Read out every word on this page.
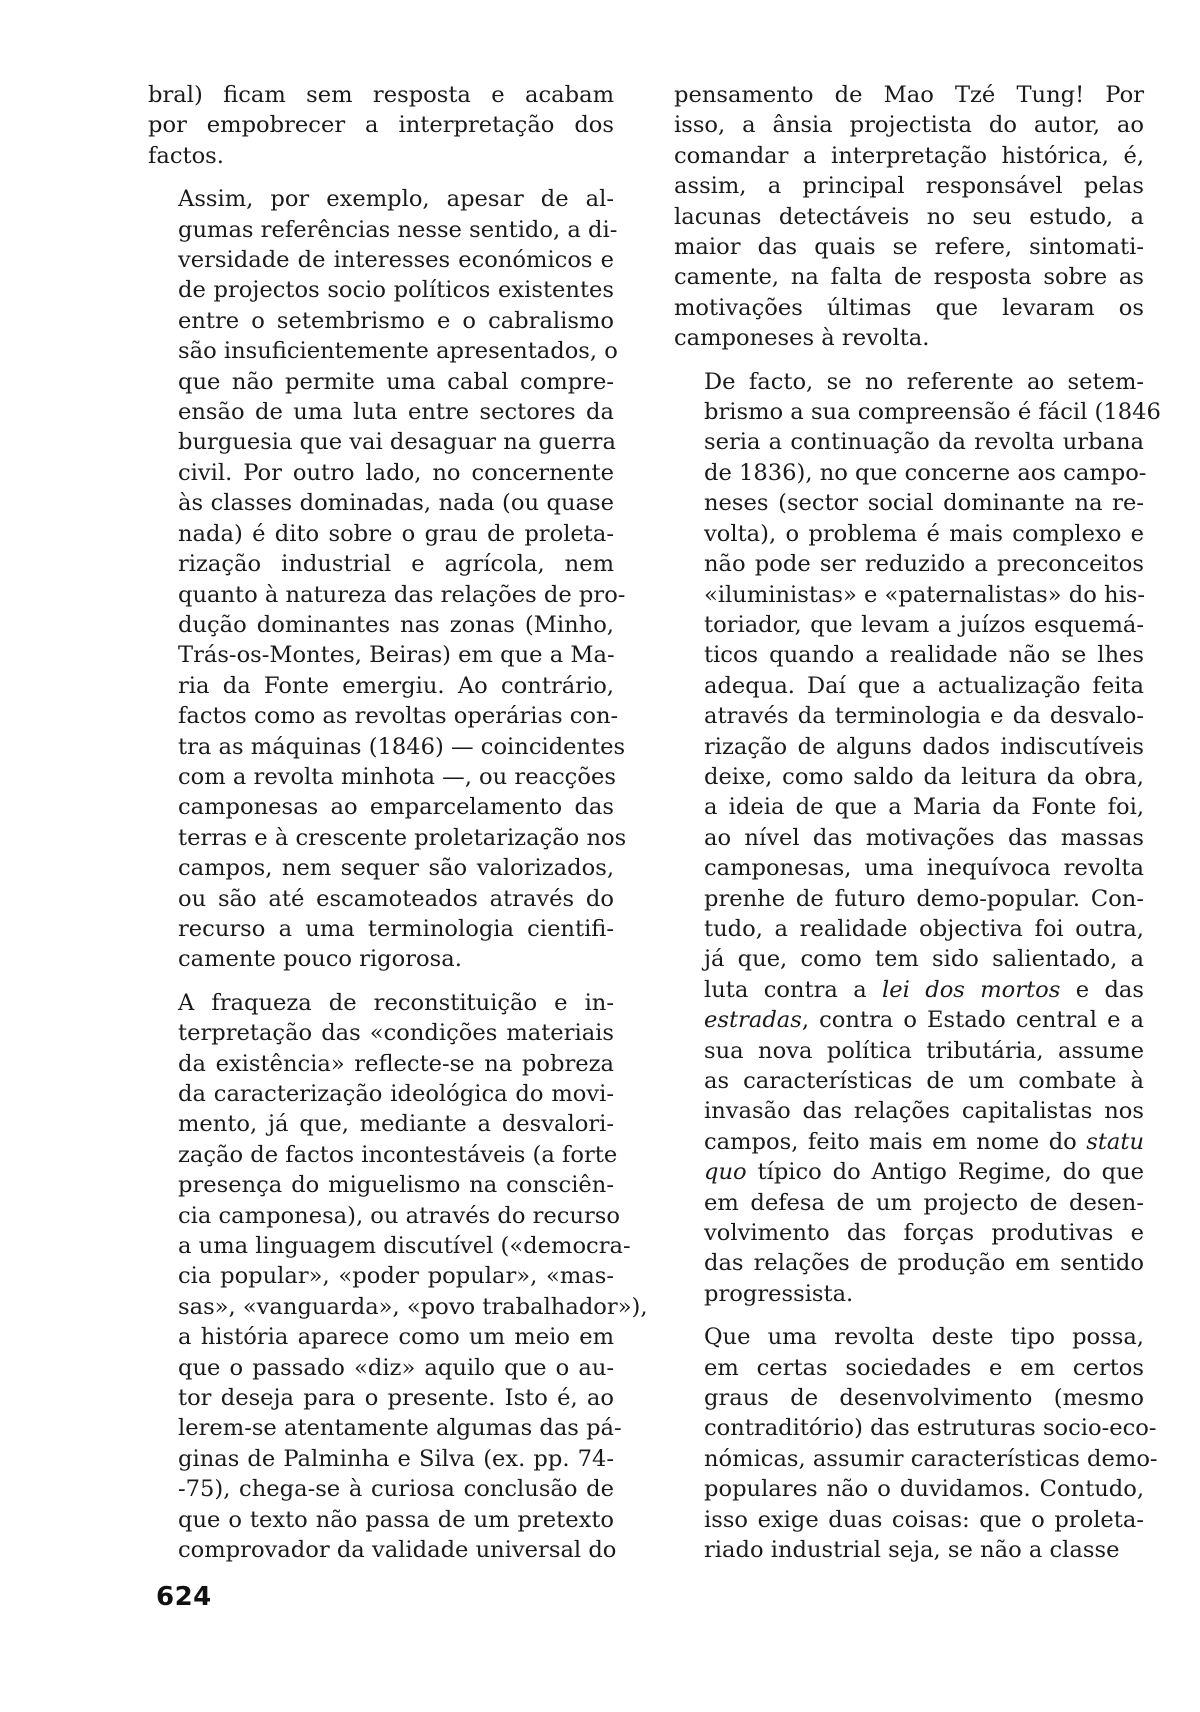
bral) ficam sem resposta e acabam
por empobrecer a interpretação dos
factos.
Assim, por exemplo, apesar de al-
gumas referências nesse sentido, a di-
versidade de interesses económicos e
de projectos socio políticos existentes
entre o setembrismo e o cabralismo
são insuficientemente apresentados, o
que não permite uma cabal compre-
ensão de uma luta entre sectores da
burguesia que vai desaguar na guerra
civil. Por outro lado, no concernente
às classes dominadas, nada (ou quase
nada) é dito sobre o grau de proleta-
rização industrial e agrícola, nem
quanto à natureza das relações de pro-
dução dominantes nas zonas (Minho,
Trás-os-Montes, Beiras) em que a Ma-
ria da Fonte emergiu. Ao contrário,
factos como as revoltas operárias con-
tra as máquinas (1846) — coincidentes
com a revolta minhota —, ou reacções
camponesas ao emparcelamento das
terras e à crescente proletarização nos
campos, nem sequer são valorizados,
ou são até escamoteados através do
recurso a uma terminologia cientifi-
camente pouco rigorosa.
A fraqueza de reconstituição e in-
terpretação das «condições materiais
da existência» reflecte-se na pobreza
da caracterização ideológica do movi-
mento, já que, mediante a desvalori-
zação de factos incontestáveis (a forte
presença do miguelismo na consciên-
cia camponesa), ou através do recurso
a uma linguagem discutível («democra-
cia popular», «poder popular», «mas-
sas», «vanguarda», «povo trabalhador»),
a história aparece como um meio em
que o passado «diz» aquilo que o au-
tor deseja para o presente. Isto é, ao
lerem-se atentamente algumas das pá-
ginas de Palminha e Silva (ex. pp. 74-
-75), chega-se à curiosa conclusão de
que o texto não passa de um pretexto
comprovador da validade universal do
pensamento de Mao Tzé Tung! Por
isso, a ânsia projectista do autor, ao
comandar a interpretação histórica, é,
assim, a principal responsável pelas
lacunas detectáveis no seu estudo, a
maior das quais se refere, sintomati-
camente, na falta de resposta sobre as
motivações últimas que levaram os
camponeses à revolta.
De facto, se no referente ao setem-
brismo a sua compreensão é fácil (1846
seria a continuação da revolta urbana
de 1836), no que concerne aos campo-
neses (sector social dominante na re-
volta), o problema é mais complexo e
não pode ser reduzido a preconceitos
«iluministas» e «paternalistas» do his-
toriador, que levam a juízos esquemá-
ticos quando a realidade não se lhes
adequa. Daí que a actualização feita
através da terminologia e da desvalo-
rização de alguns dados indiscutíveis
deixe, como saldo da leitura da obra,
a ideia de que a Maria da Fonte foi,
ao nível das motivações das massas
camponesas, uma inequívoca revolta
prenhe de futuro demo-popular. Con-
tudo, a realidade objectiva foi outra,
já que, como tem sido salientado, a
luta contra a lei dos mortos e das
estradas, contra o Estado central e a
sua nova política tributária, assume
as características de um combate à
invasão das relações capitalistas nos
campos, feito mais em nome do statu
quo típico do Antigo Regime, do que
em defesa de um projecto de desen-
volvimento das forças produtivas e
das relações de produção em sentido
progressista.
Que uma revolta deste tipo possa,
em certas sociedades e em certos
graus de desenvolvimento (mesmo
contraditório) das estruturas socio-eco-
nómicas, assumir características demo-
populares não o duvidamos. Contudo,
isso exige duas coisas: que o proleta-
riado industrial seja, se não a classe
624
